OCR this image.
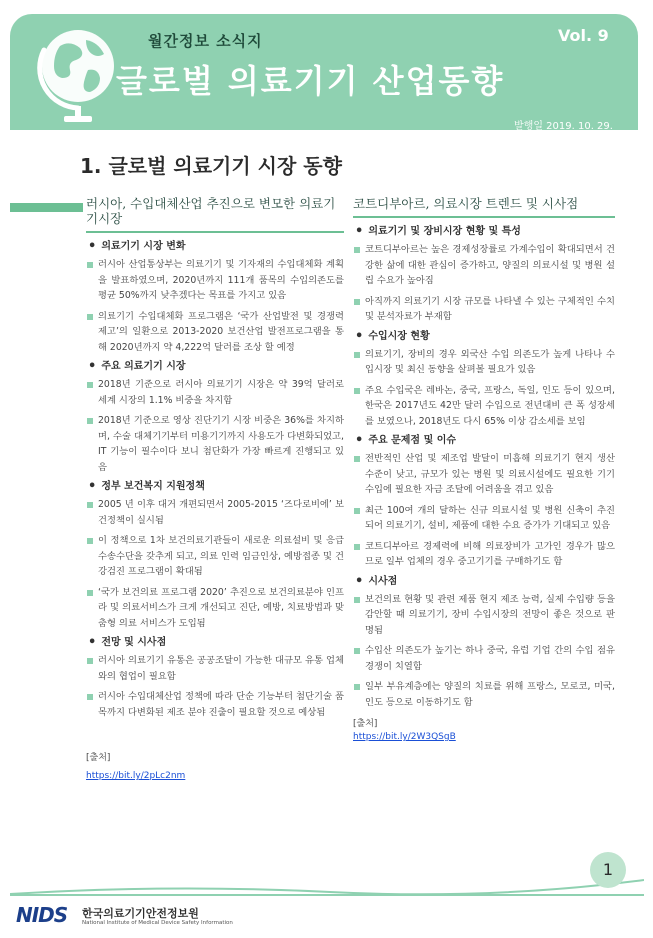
월간정보 소식지
글로벌 의료기기 산업동향
Vol. 9
발행일 2019. 10. 29.
1. 글로벌 의료기기 시장 동향
러시아, 수입대체산업 추진으로 변모한 의료기기시장
• 의료기기 시장 변화
러시아 산업통상부는 의료기기 및 기자재의 수입대체화 계획을 발표하였으며, 2020년까지 111개 품목의 수입의존도를 평균 50%까지 낮추겠다는 목표를 가지고 있음
의료기기 수입대체화 프로그램은 ‘국가 산업발전 및 경쟁력 제고’의 일환으로 2013-2020 보건산업 발전프로그램을 통해 2020년까지 약 4,222억 달러를 조상 할 예정
• 주요 의료기기 시장
2018년 기준으로 러시아 의료기기 시장은 약 39억 달러로 세계 시장의 1.1% 비중을 차지함
2018년 기준으로 영상 진단기기 시장 비중은 36%를 차지하며, 수술 대체기기부터 미용기기까지 사용도가 다변화되었고, IT 기능이 필수이다 보니 첨단화가 가장 빠르게 진행되고 있음
• 정부 보건복지 지원정책
2005 년 이후 대거 개편되면서 2005-2015 ‘즈다로비에’ 보건정책이 실시됨
이 정책으로 1차 보건의료기관들이 새로운 의료설비 및 응급 수송수단을 갖추게 되고, 의료 인력 임금인상, 예방접종 및 건강검진 프로그램이 확대됨
‘국가 보건의료 프로그램 2020’ 추진으로 보건의료분야 인프라 및 의료서비스가 크게 개선되고 진단, 예방, 치료방법과 맞춤형 의료 서비스가 도입됨
• 전망 및 시사점
러시아 의료기기 유통은 공공조달이 가능한 대규모 유통 업체와의 협업이 필요함
러시아 수입대체산업 정책에 따라 단순 기능부터 첨단기술 품목까지 다변화된 제조 분야 진출이 필요할 것으로 예상됨
[출처]
https://bit.ly/2pLc2nm
코트디부아르, 의료시장 트렌드 및 시사점
• 의료기기 및 장비시장 현황 및 특성
코트디부아르는 높은 경제성장률로 가계수입이 확대되면서 건강한 삶에 대한 관심이 증가하고, 양질의 의료시설 및 병원 설립 수요가 높아짐
아직까지 의료기기 시장 규모를 나타낼 수 있는 구체적인 수치 및 분석자료가 부재함
• 수입시장 현황
의료기기, 장비의 경우 외국산 수입 의존도가 높게 나타나 수입시장 및 최신 동향을 살펴볼 필요가 있음
주요 수입국은 레바논, 중국, 프랑스, 독일, 인도 등이 있으며, 한국은 2017년도 42만 달러 수입으로 전년대비 큰 폭 성장세를 보였으나, 2018년도 다시 65% 이상 감소세를 보임
• 주요 문제점 및 이슈
전반적인 산업 및 제조업 발달이 미흡해 의료기기 현지 생산 수준이 낮고, 규모가 있는 병원 및 의료시설에도 필요한 기기 수입에 필요한 자금 조달에 어려움을 겪고 있음
최근 100여 개의 달하는 신규 의료시설 및 병원 신축이 추진되어 의료기기, 설비, 제품에 대한 수요 증가가 기대되고 있음
코트디부아르 경제력에 비해 의료장비가 고가인 경우가 많으므로 일부 업체의 경우 중고기기를 구매하기도 함
• 시사점
보건의료 현황 및 관련 제품 현지 제조 능력, 실제 수입량 등을 감안할 때 의료기기, 장비 수입시장의 전망이 좋은 것으로 판명됨
수입산 의존도가 높기는 하나 중국, 유럽 기업 간의 수입 점유 경쟁이 치열함
일부 부유계층에는 양질의 치료를 위해 프랑스, 모로코, 미국, 인도 등으로 이동하기도 함
[출처]
https://bit.ly/2W3QSgB
1
NIDS 한국의료기기안전정보원
National Institute of Medical Device Safety Information
